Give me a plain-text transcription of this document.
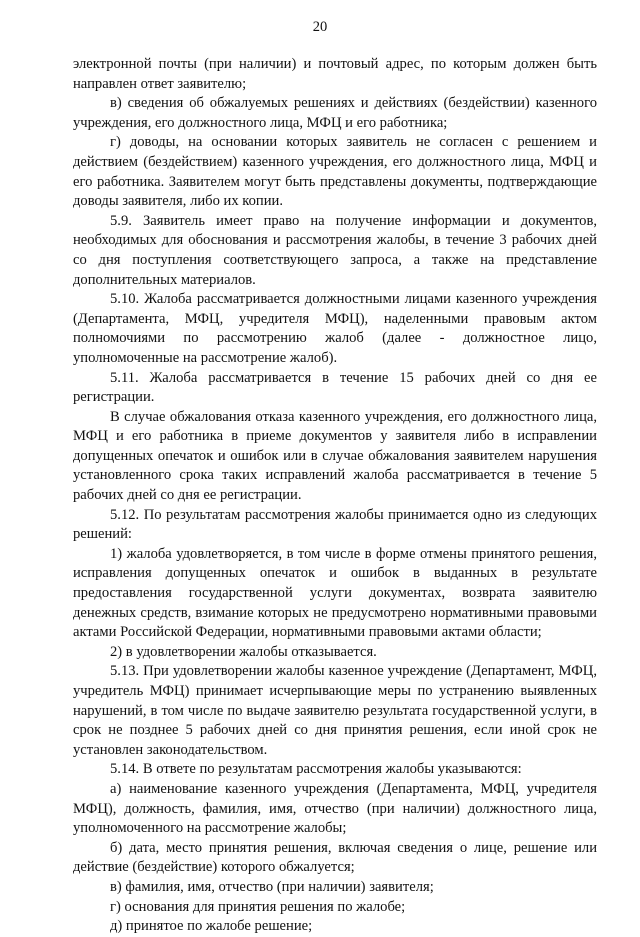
20

электронной почты (при наличии) и почтовый адрес, по которым должен быть направлен ответ заявителю;

в) сведения об обжалуемых решениях и действиях (бездействии) казенного учреждения, его должностного лица, МФЦ и его работника;

г) доводы, на основании которых заявитель не согласен с решением и действием (бездействием) казенного учреждения, его должностного лица, МФЦ и его работника. Заявителем могут быть представлены документы, подтверждающие доводы заявителя, либо их копии.

5.9. Заявитель имеет право на получение информации и документов, необходимых для обоснования и рассмотрения жалобы, в течение 3 рабочих дней со дня поступления соответствующего запроса, а также на представление дополнительных материалов.

5.10. Жалоба рассматривается должностными лицами казенного учреждения (Департамента, МФЦ, учредителя МФЦ), наделенными правовым актом полномочиями по рассмотрению жалоб (далее - должностное лицо, уполномоченные на рассмотрение жалоб).

5.11. Жалоба рассматривается в течение 15 рабочих дней со дня ее регистрации.

В случае обжалования отказа казенного учреждения, его должностного лица, МФЦ и его работника в приеме документов у заявителя либо в исправлении допущенных опечаток и ошибок или в случае обжалования заявителем нарушения установленного срока таких исправлений жалоба рассматривается в течение 5 рабочих дней со дня ее регистрации.

5.12. По результатам рассмотрения жалобы принимается одно из следующих решений:

1) жалоба удовлетворяется, в том числе в форме отмены принятого решения, исправления допущенных опечаток и ошибок в выданных в результате предоставления государственной услуги документах, возврата заявителю денежных средств, взимание которых не предусмотрено нормативными правовыми актами Российской Федерации, нормативными правовыми актами области;

2) в удовлетворении жалобы отказывается.

5.13. При удовлетворении жалобы казенное учреждение (Департамент, МФЦ, учредитель МФЦ) принимает исчерпывающие меры по устранению выявленных нарушений, в том числе по выдаче заявителю результата государственной услуги, в срок не позднее 5 рабочих дней со дня принятия решения, если иной срок не установлен законодательством.

5.14. В ответе по результатам рассмотрения жалобы указываются:

а) наименование казенного учреждения (Департамента, МФЦ, учредителя МФЦ), должность, фамилия, имя, отчество (при наличии) должностного лица, уполномоченного на рассмотрение жалобы;

б) дата, место принятия решения, включая сведения о лице, решение или действие (бездействие) которого обжалуется;

в) фамилия, имя, отчество (при наличии) заявителя;

г) основания для принятия решения по жалобе;

д) принятое по жалобе решение;
